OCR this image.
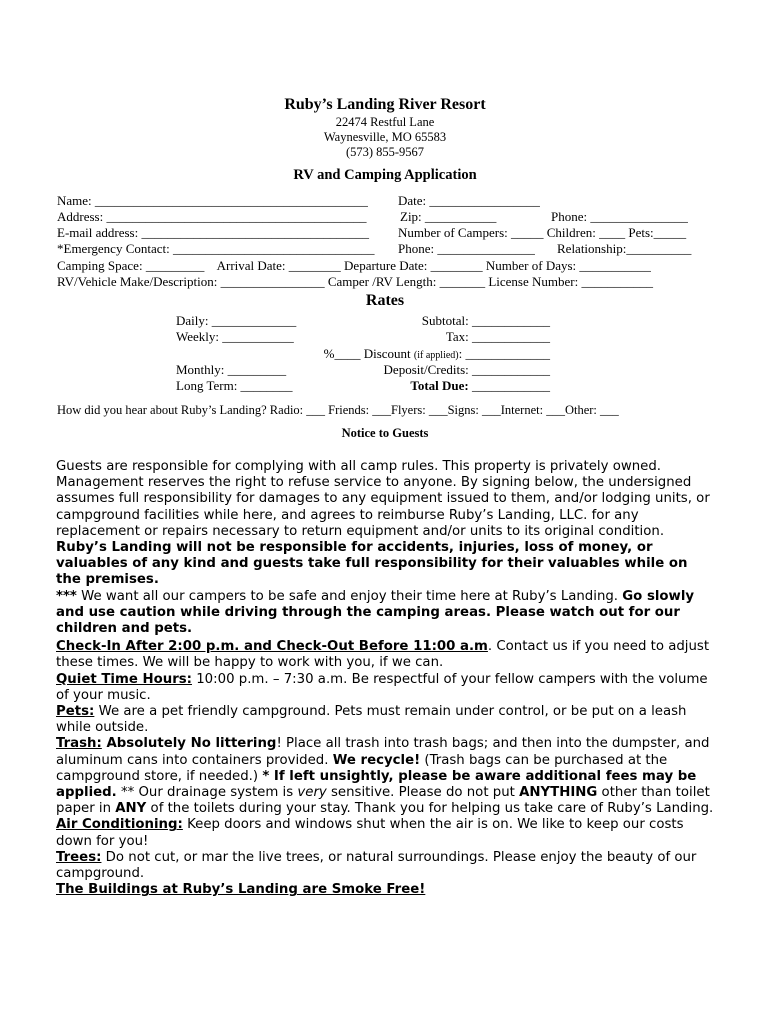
Ruby’s Landing River Resort
22474 Restful Lane
Waynesville, MO 65583
(573) 855-9567
RV and Camping Application
Name: __________________________________________ Date: _________________
Address: ________________________________________	Zip: ___________	Phone: _______________
E-mail address: ___________________________________ Number of Campers: _____ Children: ____ Pets:_____
*Emergency Contact: _______________________________ Phone: _______________ Relationship:__________
Camping Space: _________    Arrival Date: ________ Departure Date: ________ Number of Days: ___________
RV/Vehicle Make/Description: ________________ Camper /RV Length: _______ License Number: ___________
Rates
Daily: _____________
Weekly: ___________
Monthly: _________
Long Term: ________
Subtotal: ____________
Tax: ____________
%____ Discount (if applied): _____________
Deposit/Credits: ____________
Total Due: ____________
How did you hear about Ruby’s Landing? Radio: ___ Friends: ___Flyers: ___Signs: ___Internet: ___Other: ___
Notice to Guests

Guests are responsible for complying with all camp rules. This property is privately owned. Management reserves the right to refuse service to anyone. By signing below, the undersigned assumes full responsibility for damages to any equipment issued to them, and/or lodging units, or campground facilities while here, and agrees to reimburse Ruby’s Landing, LLC. for any replacement or repairs necessary to return equipment and/or units to its original condition. Ruby’s Landing will not be responsible for accidents, injuries, loss of money, or valuables of any kind and guests take full responsibility for their valuables while on the premises.

*** We want all our campers to be safe and enjoy their time here at Ruby’s Landing. Go slowly and use caution while driving through the camping areas. Please watch out for our children and pets.

Check-In After 2:00 p.m. and Check-Out Before 11:00 a.m. Contact us if you need to adjust these times. We will be happy to work with you, if we can.

Quiet Time Hours: 10:00 p.m. – 7:30 a.m. Be respectful of your fellow campers with the volume of your music.

Pets: We are a pet friendly campground. Pets must remain under control, or be put on a leash while outside.

Trash: Absolutely No littering! Place all trash into trash bags; and then into the dumpster, and aluminum cans into containers provided. We recycle! (Trash bags can be purchased at the campground store, if needed.) * If left unsightly, please be aware additional fees may be applied. ** Our drainage system is very sensitive. Please do not put ANYTHING other than toilet paper in ANY of the toilets during your stay. Thank you for helping us take care of Ruby’s Landing.

Air Conditioning: Keep doors and windows shut when the air is on. We like to keep our costs down for you!

Trees: Do not cut, or mar the live trees, or natural surroundings. Please enjoy the beauty of our campground.

The Buildings at Ruby’s Landing are Smoke Free!
